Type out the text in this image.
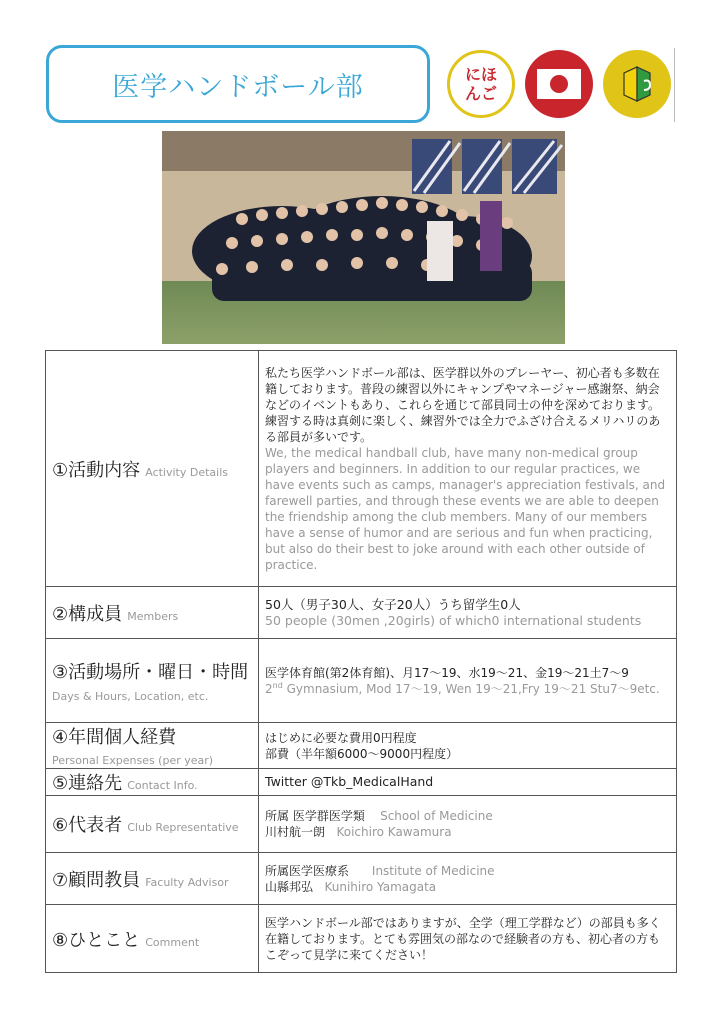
医学ハンドボール部	にほ
んご
①活動内容 Activity Details	私たち医学ハンドボール部は、医学群以外のプレーヤー、初心者も多数在籍しております。普段の練習以外にキャンプやマネージャー感謝祭、納会などのイベントもあり、これらを通じて部員同士の仲を深めております。練習する時は真剣に楽しく、練習外では全力でふざけ合えるメリハリのある部員が多いです。
We, the medical handball club, have many non-medical group players and beginners. In addition to our regular practices, we have events such as camps, manager's appreciation festivals, and farewell parties, and through these events we are able to deepen the friendship among the club members. Many of our members have a sense of humor and are serious and fun when practicing, but also do their best to joke around with each other outside of practice.

②構成員 Members	50人（男子30人、女子20人）うち留学生0人
50 people (30men ,20girls) of which0 international students

③活動場所・曜日・時間
Days & Hours, Location, etc.	医学体育館(第2体育館)、月17～19、水19～21、金19～21土7～9
2nd Gymnasium, Mod 17～19, Wen 19～21,Fry 19～21 Stu7～9etc.

④年間個人経費
Personal Expenses (per year)	はじめに必要な費用0円程度
部費（半年額6000～9000円程度）

⑤連絡先 Contact Info.	Twitter @Tkb_MedicalHand
⑥代表者 Club Representative	所属 医学群医学類 School of Medicine
川村航一朗 Koichiro Kawamura

⑦顧問教員 Faculty Advisor	所属医学医療系 Institute of Medicine
山縣邦弘 Kunihiro Yamagata

⑧ひとこと Comment	医学ハンドボール部ではありますが、全学（理工学群など）の部員も多く在籍しております。とても雰囲気の部なので経験者の方も、初心者の方もこぞって見学に来てください！
